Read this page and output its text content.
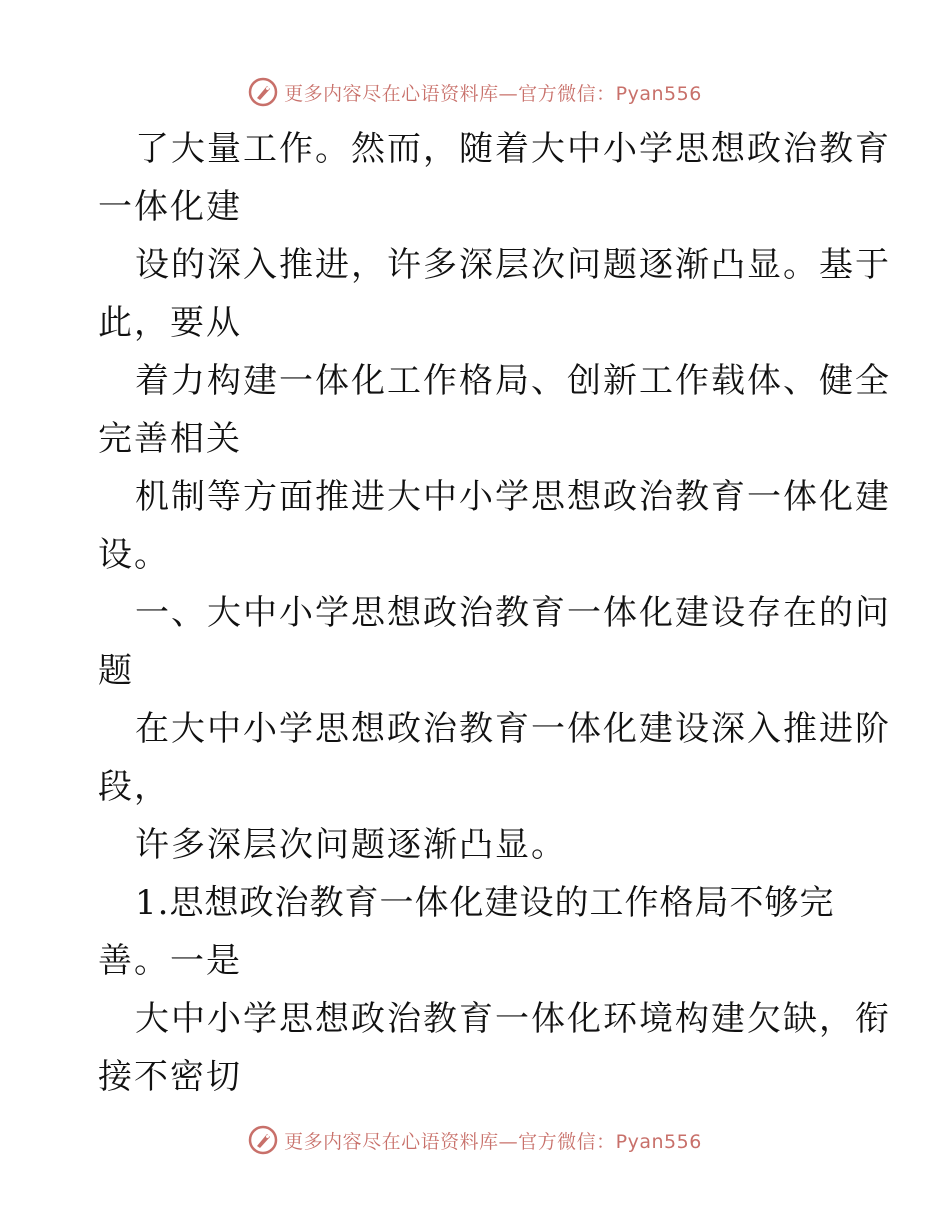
更多内容尽在心语资料库—官方微信：Pyan556
了大量工作。然而，随着大中小学思想政治教育
一体化建
设的深入推进，许多深层次问题逐渐凸显。基于
此，要从
着力构建一体化工作格局、创新工作载体、健全
完善相关
机制等方面推进大中小学思想政治教育一体化建
设。
一、大中小学思想政治教育一体化建设存在的问
题
在大中小学思想政治教育一体化建设深入推进阶
段，
许多深层次问题逐渐凸显。
1.思想政治教育一体化建设的工作格局不够完
善。一是
大中小学思想政治教育一体化环境构建欠缺，衔
接不密切
更多内容尽在心语资料库—官方微信：Pyan556
